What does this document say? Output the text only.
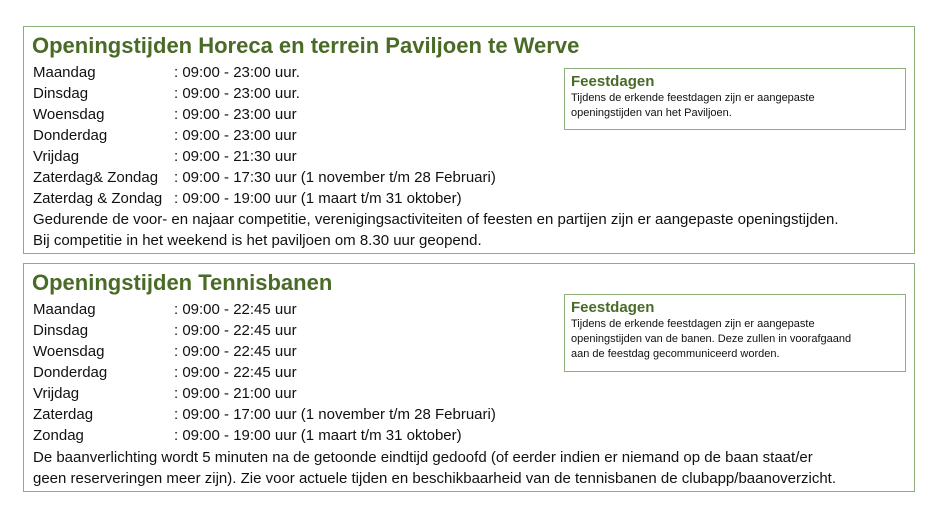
Openingstijden Horeca en terrein Paviljoen te Werve
Maandag	: 09:00 - 23:00 uur.
Dinsdag	: 09:00 - 23:00 uur.
Woensdag	: 09:00 - 23:00 uur
Donderdag	: 09:00 - 23:00 uur
Vrijdag	: 09:00 - 21:30 uur
Zaterdag& Zondag	: 09:00 - 17:30 uur (1 november t/m 28 Februari)
Zaterdag & Zondag : 09:00 - 19:00 uur (1 maart t/m 31 oktober)
Gedurende de voor- en najaar competitie, verenigingsactiviteiten of feesten en partijen zijn er aangepaste openingstijden.
Bij competitie in het weekend is het paviljoen om 8.30 uur geopend.
Feestdagen
Tijdens de erkende feestdagen zijn er aangepaste
openingstijden van het Paviljoen.
Openingstijden Tennisbanen
Maandag	: 09:00 - 22:45 uur
Dinsdag	: 09:00 - 22:45 uur
Woensdag	: 09:00 - 22:45 uur
Donderdag	: 09:00 - 22:45 uur
Vrijdag	: 09:00 - 21:00 uur
Zaterdag	: 09:00 - 17:00 uur (1 november t/m 28 Februari)
Zondag	: 09:00 - 19:00 uur (1 maart t/m 31 oktober)
De baanverlichting wordt 5 minuten na de getoonde eindtijd gedoofd (of eerder indien er niemand op de baan staat/er
geen reserveringen meer zijn). Zie voor actuele tijden en beschikbaarheid van de tennisbanen de clubapp/baanoverzicht.
Feestdagen
Tijdens de erkende feestdagen zijn er aangepaste
openingstijden van de banen. Deze zullen in voorafgaand
aan de feestdag gecommuniceerd worden.
